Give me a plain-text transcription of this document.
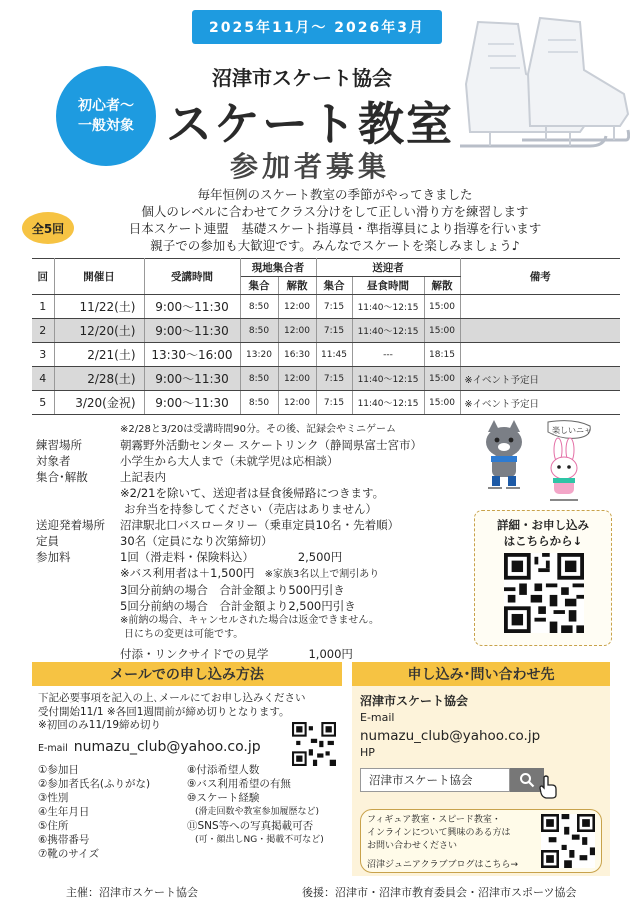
2025年11月〜 2026年3月
初心者〜
一般対象
沼津市スケート協会
スケート教室
参加者募集
全5回
毎年恒例のスケート教室の季節がやってきました
個人のレベルに合わせてクラス分けをして正しい滑り方を練習します
日本スケート連盟　基礎スケート指導員・準指導員により指導を行います
親子での参加も大歓迎です。みんなでスケートを楽しみましょう♪
回	開催日	受講時間	現地集合者		送迎者			備考
			集合	解散	集合	昼食時間	解散	
1	11/22(土)	9:00〜11:30	8:50	12:00	7:15	11:40〜12:15	15:00	
2	12/20(土)	9:00〜11:30	8:50	12:00	7:15	11:40〜12:15	15:00	
3	2/21(土)	13:30〜16:00	13:20	16:30	11:45	---	18:15	
4	2/28(土)	9:00〜11:30	8:50	12:00	7:15	11:40〜12:15	15:00	※イベント予定日
5	3/20(金祝)	9:00〜11:30	8:50	12:00	7:15	11:40〜12:15	15:00	※イベント予定日
※2/28と3/20は受講時間90分。その後、記録会やミニゲーム
練習場所	朝霧野外活動センター スケートリンク（静岡県富士宮市）
対象者	小学生から大人まで（未就学児は応相談）
集合･解散	上記表内
※2/21を除いて、送迎者は昼食後帰路につきます。
お弁当を持参してください（売店はありません）
送迎発着場所	沼津駅北口バスロータリー（乗車定員10名・先着順）
定員	30名（定員になり次第締切）
参加料	1回（滑走料・保険料込）	2,500円
※バス利用者は＋1,500円 ※家族3名以上で割引あり
3回分前納の場合　合計金額より500円引き
5回分前納の場合　合計金額より2,500円引き
※前納の場合、キャンセルされた場合は返金できません。
日にちの変更は可能です。
付添・リンクサイドでの見学	1,000円
楽しいニャ
詳細・お申し込み
はこちらから↓
メールでの申し込み方法
下記必要事項を記入の上､メールにてお申し込みください
受付開始11/1 ※各回1週間前が締め切りとなります。
※初回のみ11/19締め切り
E-mail numazu_club@yahoo.co.jp
①参加日
②参加者氏名(ふりがな)
③性別
④生年月日
⑤住所
⑥携帯番号
⑦靴のサイズ
⑧付添希望人数
⑨バス利用希望の有無
⑩スケート経験
(滑走回数や教室参加履歴など)
⑪SNS等への写真掲載可否
(可・顔出しNG・掲載不可など)
申し込み･問い合わせ先
沼津市スケート協会
E-mail
numazu_club@yahoo.co.jp
HP
沼津市スケート協会
フィギュア教室・スピード教室・
インラインについて興味のある方は
お問い合わせください
沼津ジュニアクラブブログはこちら→
主催：沼津市スケート協会	後援：沼津市・沼津市教育委員会・沼津市スポーツ協会
